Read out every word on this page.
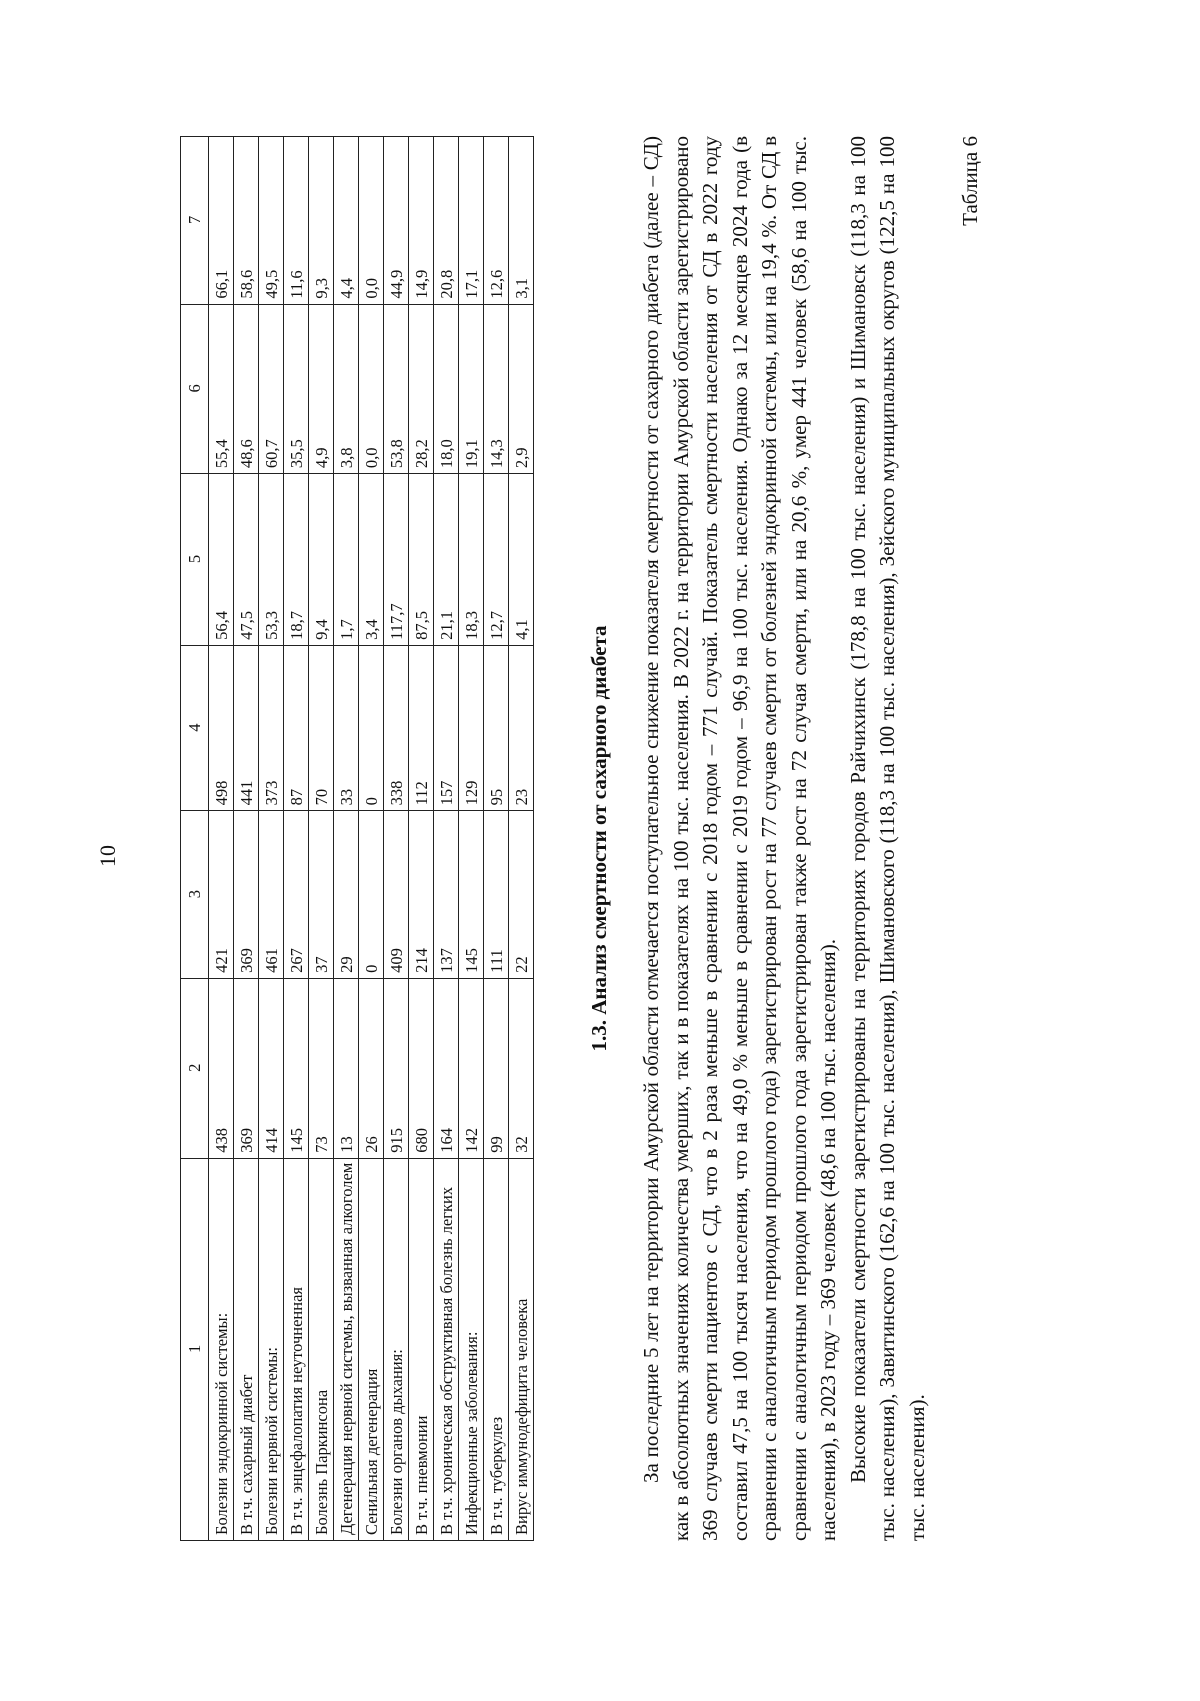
10
1	2	3	4	5	6	7
Болезни эндокринной системы:	438	421	498	56,4	55,4	66,1
В т.ч. сахарный диабет	369	369	441	47,5	48,6	58,6
Болезни нервной системы:	414	461	373	53,3	60,7	49,5
В т.ч. энцефалопатия неуточненная	145	267	87	18,7	35,5	11,6
Болезнь Паркинсона	73	37	70	9,4	4,9	9,3
Дегенерация нервной системы, вызванная алкоголем	13	29	33	1,7	3,8	4,4
Сенильная дегенерация	26	0	0	3,4	0,0	0,0
Болезни органов дыхания:	915	409	338	117,7	53,8	44,9
В т.ч. пневмонии	680	214	112	87,5	28,2	14,9
В т.ч. хроническая обструктивная болезнь легких	164	137	157	21,1	18,0	20,8
Инфекционные заболевания:	142	145	129	18,3	19,1	17,1
В т.ч. туберкулез	99	111	95	12,7	14,3	12,6
Вирус иммунодефицита человека	32	22	23	4,1	2,9	3,1
1.3. Анализ смертности от сахарного диабета За последние 5 лет на территории Амурской области отмечается поступательное снижение показателя смертности от сахарного диабета (далее – СД) как в абсолютных значениях количества умерших, так и в показателях на 100 тыс. населения. В 2022 г. на территории Амурской области зарегистрировано 369 случаев смерти пациентов с СД, что в 2 раза меньше в сравнении с 2018 годом – 771 случай. Показатель смертности населения от СД в 2022 году составил 47,5 на 100 тысяч населения, что на 49,0 % меньше в сравнении с 2019 годом – 96,9 на 100 тыс. населения. Однако за 12 месяцев 2024 года (в сравнении с аналогичным периодом прошлого года) зарегистрирован рост на 77 случаев смерти от болезней эндокринной системы, или на 19,4 %. От СД в сравнении с аналогичным периодом прошлого года зарегистрирован также рост на 72 случая смерти, или на 20,6 %, умер 441 человек (58,6 на 100 тыс. населения), в 2023 году – 369 человек (48,6 на 100 тыс. населения). Высокие показатели смертности зарегистрированы на территориях городов Райчихинск (178,8 на 100 тыс. населения) и Шимановск (118,3 на 100 тыс. населения), Завитинского (162,6 на 100 тыс. населения), Шимановского (118,3 на 100 тыс. населения), Зейского муниципальных округов (122,5 на 100 тыс. населения).

Таблица 6
